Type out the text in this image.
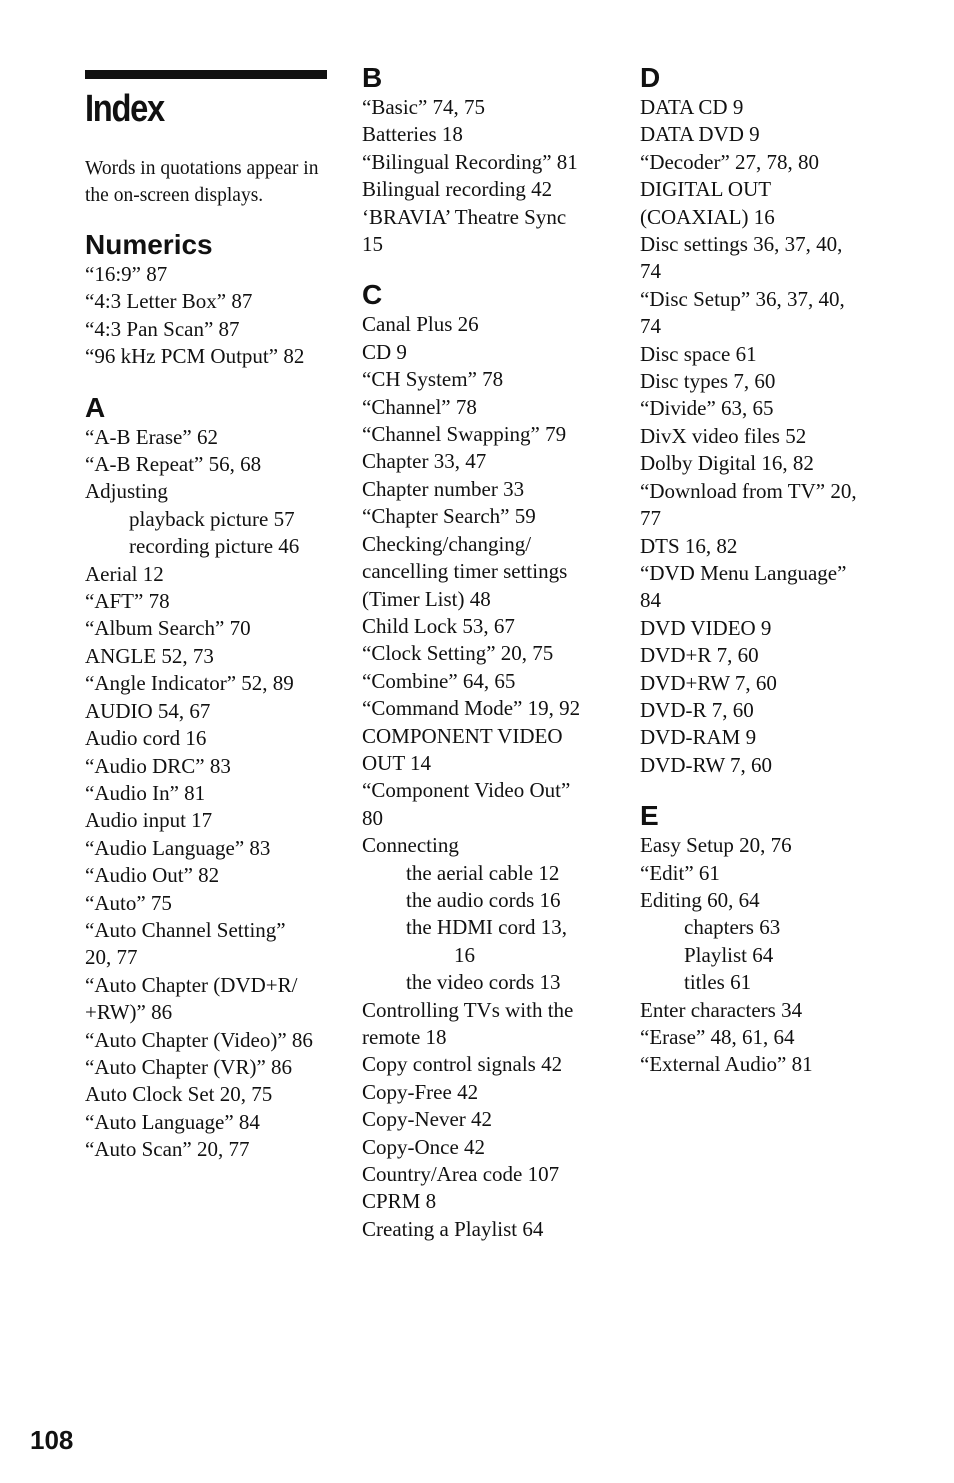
Index
Words in quotations appear in the on-screen displays.
Numerics
“16:9” 87
“4:3 Letter Box” 87
“4:3 Pan Scan” 87
“96 kHz PCM Output” 82
A
“A-B Erase” 62
“A-B Repeat” 56, 68
Adjusting
playback picture 57
recording picture 46
Aerial 12
“AFT” 78
“Album Search” 70
ANGLE 52, 73
“Angle Indicator” 52, 89
AUDIO 54, 67
Audio cord 16
“Audio DRC” 83
“Audio In” 81
Audio input 17
“Audio Language” 83
“Audio Out” 82
“Auto” 75
“Auto Channel Setting”
20, 77
“Auto Chapter (DVD+R/
+RW)” 86
“Auto Chapter (Video)” 86
“Auto Chapter (VR)” 86
Auto Clock Set 20, 75
“Auto Language” 84
“Auto Scan” 20, 77
B
“Basic” 74, 75
Batteries 18
“Bilingual Recording” 81
Bilingual recording 42
‘BRAVIA’ Theatre Sync
15
C
Canal Plus 26
CD 9
“CH System” 78
“Channel” 78
“Channel Swapping” 79
Chapter 33, 47
Chapter number 33
“Chapter Search” 59
Checking/changing/
cancelling timer settings
(Timer List) 48
Child Lock 53, 67
“Clock Setting” 20, 75
“Combine” 64, 65
“Command Mode” 19, 92
COMPONENT VIDEO
OUT 14
“Component Video Out”
80
Connecting
the aerial cable 12
the audio cords 16
the HDMI cord 13,
16
the video cords 13
Controlling TVs with the
remote 18
Copy control signals 42
Copy-Free 42
Copy-Never 42
Copy-Once 42
Country/Area code 107
CPRM 8
Creating a Playlist 64
D
DATA CD 9
DATA DVD 9
“Decoder” 27, 78, 80
DIGITAL OUT
(COAXIAL) 16
Disc settings 36, 37, 40,
74
“Disc Setup” 36, 37, 40,
74
Disc space 61
Disc types 7, 60
“Divide” 63, 65
DivX video files 52
Dolby Digital 16, 82
“Download from TV” 20,
77
DTS 16, 82
“DVD Menu Language”
84
DVD VIDEO 9
DVD+R 7, 60
DVD+RW 7, 60
DVD-R 7, 60
DVD-RAM 9
DVD-RW 7, 60
E
Easy Setup 20, 76
“Edit” 61
Editing 60, 64
chapters 63
Playlist 64
titles 61
Enter characters 34
“Erase” 48, 61, 64
“External Audio” 81
108
